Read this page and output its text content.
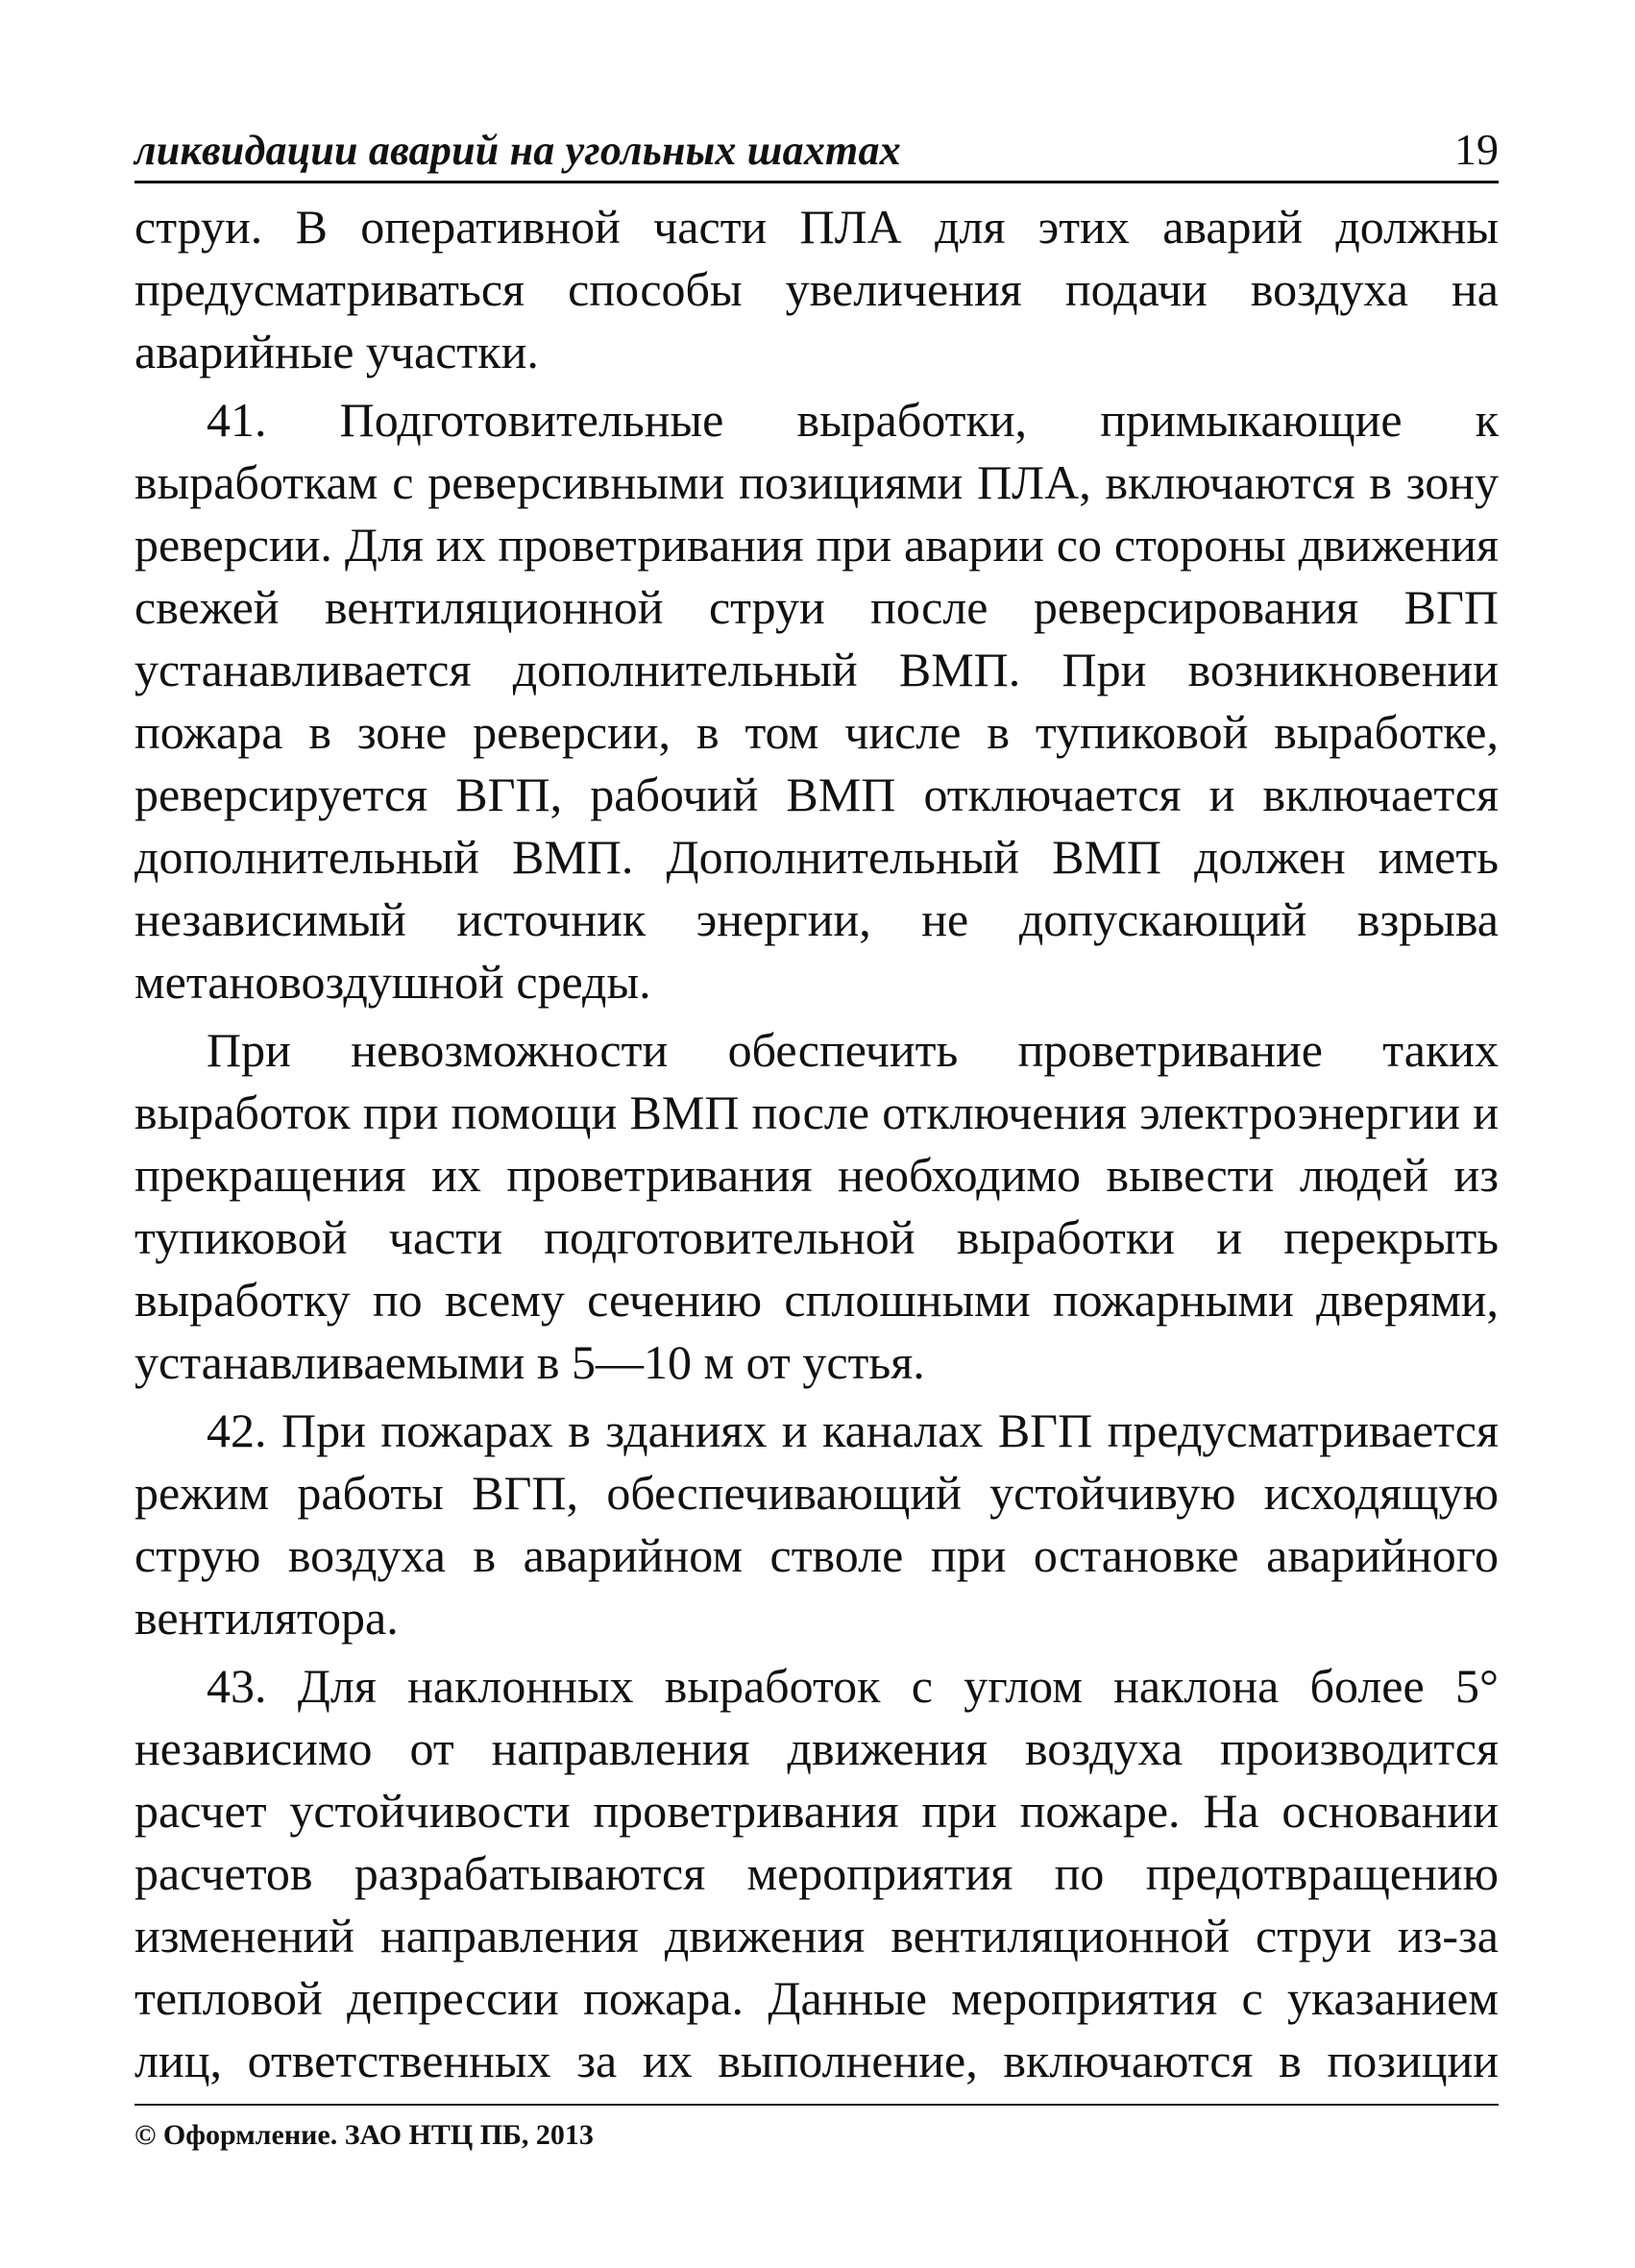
ликвидации аварий на угольных шахтах	19

струи. В оперативной части ПЛА для этих аварий должны предусматриваться способы увеличения подачи воздуха на аварийные участки.

41. Подготовительные выработки, примыкающие к выработкам с реверсивными позициями ПЛА, включаются в зону реверсии. Для их проветривания при аварии со стороны движения свежей вентиляционной струи после реверсирования ВГП устанавливается дополнительный ВМП. При возникновении пожара в зоне реверсии, в том числе в тупиковой выработке, реверсируется ВГП, рабочий ВМП отключается и включается дополнительный ВМП. Дополнительный ВМП должен иметь независимый источник энергии, не допускающий взрыва метановоздушной среды.

При невозможности обеспечить проветривание таких выработок при помощи ВМП после отключения электроэнергии и прекращения их проветривания необходимо вывести людей из тупиковой части подготовительной выработки и перекрыть выработку по всему сечению сплошными пожарными дверями, устанавливаемыми в 5—10 м от устья.

42. При пожарах в зданиях и каналах ВГП предусматривается режим работы ВГП, обеспечивающий устойчивую исходящую струю воздуха в аварийном стволе при остановке аварийного вентилятора.

43. Для наклонных выработок с углом наклона более 5° независимо от направления движения воздуха производится расчет устойчивости проветривания при пожаре. На основании расчетов разрабатываются мероприятия по предотвращению изменений направления движения вентиляционной струи из-за тепловой депрессии пожара. Данные мероприятия с указанием лиц, ответственных за их выполнение, включаются в позиции

© Оформление. ЗАО НТЦ ПБ, 2013
